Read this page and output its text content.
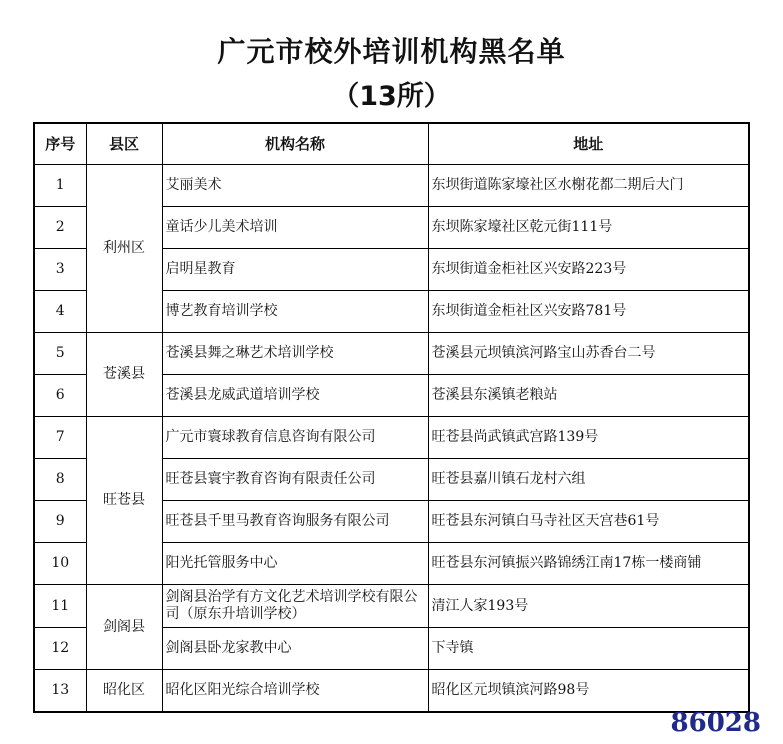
广元市校外培训机构黑名单
（13所）
序号	县区	机构名称	地址
1	利州区	艾丽美术	东坝街道陈家壕社区水榭花都二期后大门
2		童话少儿美术培训	东坝陈家壕社区乾元街111号
3		启明星教育	东坝街道金柜社区兴安路223号
4		博艺教育培训学校	东坝街道金柜社区兴安路781号
5	苍溪县	苍溪县舞之琳艺术培训学校	苍溪县元坝镇滨河路宝山苏香台二号
6		苍溪县龙威武道培训学校	苍溪县东溪镇老粮站
7	旺苍县	广元市寰球教育信息咨询有限公司	旺苍县尚武镇武宫路139号
8		旺苍县寰宇教育咨询有限责任公司	旺苍县嘉川镇石龙村六组
9		旺苍县千里马教育咨询服务有限公司	旺苍县东河镇白马寺社区天宫巷61号
10		阳光托管服务中心	旺苍县东河镇振兴路锦绣江南17栋一楼商铺
11	剑阁县	剑阁县治学有方文化艺术培训学校有限公司（原东升培训学校）	清江人家193号
12		剑阁县卧龙家教中心	下寺镇
13	昭化区	昭化区阳光综合培训学校	昭化区元坝镇滨河路98号
86028
